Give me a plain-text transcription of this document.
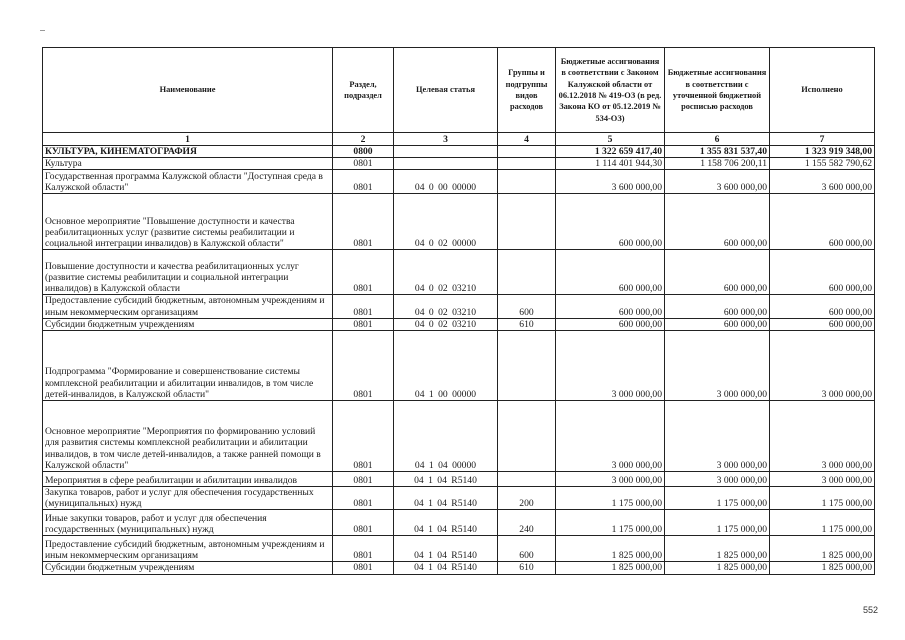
Наименование	Раздел, подраздел	Целевая статья	Группы и подгруппы видов расходов	Бюджетные ассигнования в соответствии с Законом Калужской области от 06.12.2018 № 419-ОЗ (в ред. Закона КО от 05.12.2019 № 534-ОЗ)	Бюджетные ассигнования в соответствии с уточненной бюджетной росписью расходов	Исполнено
1	2	3	4	5	6	7
КУЛЬТУРА, КИНЕМАТОГРАФИЯ	0800			1 322 659 417,40	1 355 831 537,40	1 323 919 348,00
Культура	0801			1 114 401 944,30	1 158 706 200,11	1 155 582 790,62
Государственная программа Калужской области "Доступная среда в Калужской области"	0801	04 0 00 00000		3 600 000,00	3 600 000,00	3 600 000,00
Основное мероприятие "Повышение доступности и качества реабилитационных услуг (развитие системы реабилитации и социальной интеграции инвалидов) в Калужской области"	0801	04 0 02 00000		600 000,00	600 000,00	600 000,00
Повышение доступности и качества реабилитационных услуг (развитие системы реабилитации и социальной интеграции инвалидов) в Калужской области	0801	04 0 02 03210		600 000,00	600 000,00	600 000,00
Предоставление субсидий бюджетным, автономным учреждениям и иным некоммерческим организациям	0801	04 0 02 03210	600	600 000,00	600 000,00	600 000,00
Субсидии бюджетным учреждениям	0801	04 0 02 03210	610	600 000,00	600 000,00	600 000,00
Подпрограмма "Формирование и совершенствование системы комплексной реабилитации и абилитации инвалидов, в том числе детей-инвалидов, в Калужской области"	0801	04 1 00 00000		3 000 000,00	3 000 000,00	3 000 000,00
Основное мероприятие "Мероприятия по формированию условий для развития системы комплексной реабилитации и абилитации инвалидов, в том числе детей-инвалидов, а также ранней помощи в Калужской области"	0801	04 1 04 00000		3 000 000,00	3 000 000,00	3 000 000,00
Мероприятия в сфере реабилитации и абилитации инвалидов	0801	04 1 04 R5140		3 000 000,00	3 000 000,00	3 000 000,00
Закупка товаров, работ и услуг для обеспечения государственных (муниципальных) нужд	0801	04 1 04 R5140	200	1 175 000,00	1 175 000,00	1 175 000,00
Иные закупки товаров, работ и услуг для обеспечения государственных (муниципальных) нужд	0801	04 1 04 R5140	240	1 175 000,00	1 175 000,00	1 175 000,00
Предоставление субсидий бюджетным, автономным учреждениям и иным некоммерческим организациям	0801	04 1 04 R5140	600	1 825 000,00	1 825 000,00	1 825 000,00
Субсидии бюджетным учреждениям	0801	04 1 04 R5140	610	1 825 000,00	1 825 000,00	1 825 000,00
552
